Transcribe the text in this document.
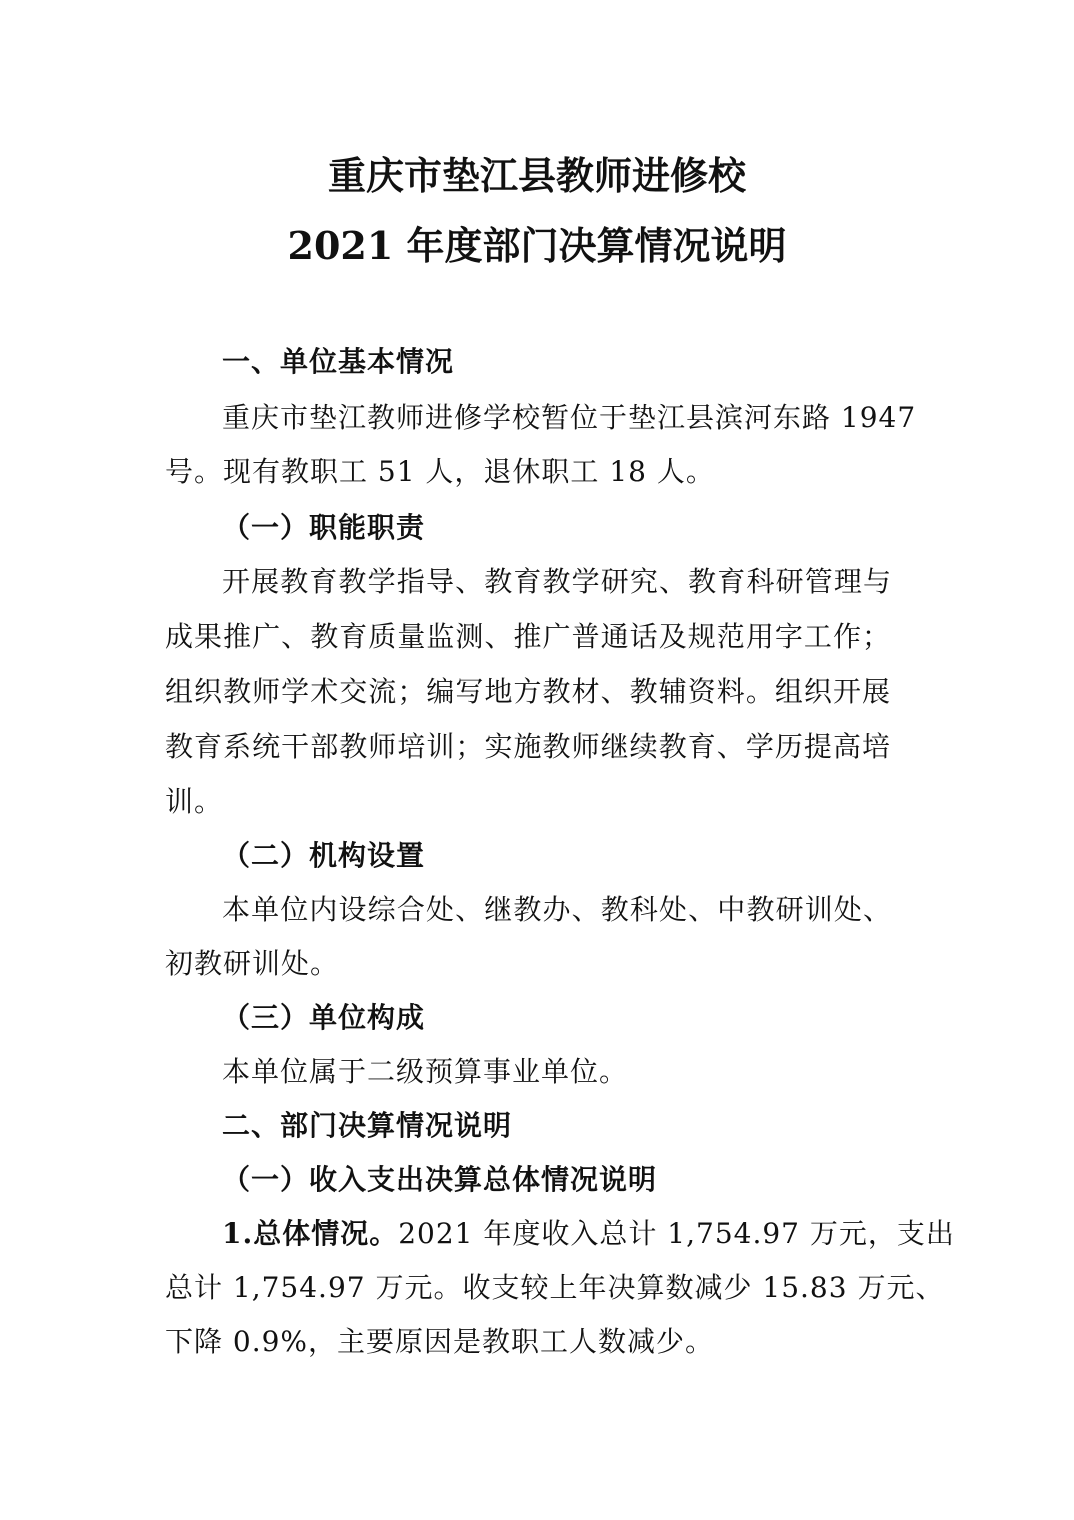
重庆市垫江县教师进修校
2021 年度部门决算情况说明
一、单位基本情况
重庆市垫江教师进修学校暂位于垫江县滨河东路 1947
号。现有教职工 51 人，退休职工 18 人。
（一）职能职责
开展教育教学指导、教育教学研究、教育科研管理与
成果推广、教育质量监测、推广普通话及规范用字工作；
组织教师学术交流；编写地方教材、教辅资料。组织开展
教育系统干部教师培训；实施教师继续教育、学历提高培
训。
（二）机构设置
本单位内设综合处、继教办、教科处、中教研训处、
初教研训处。
（三）单位构成
本单位属于二级预算事业单位。
二、部门决算情况说明
（一）收入支出决算总体情况说明
1.总体情况。2021 年度收入总计 1,754.97 万元，支出
总计 1,754.97 万元。收支较上年决算数减少 15.83 万元、
下降 0.9%，主要原因是教职工人数减少。
